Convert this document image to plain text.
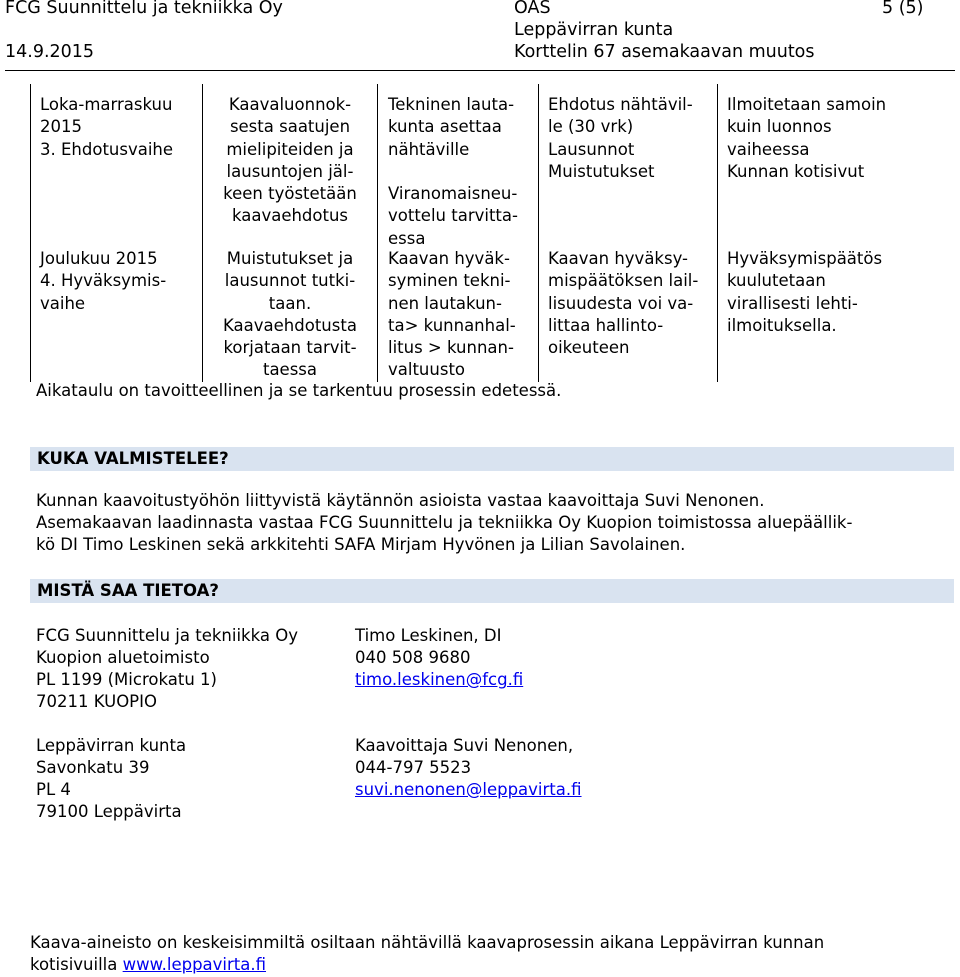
FCG Suunnittelu ja tekniikka Oy
14.9.2015
OAS
Leppävirran kunta
Korttelin 67 asemakaavan muutos
5 (5)
Loka-marraskuu
2015
3. Ehdotusvaihe
Kaavaluonnok-
sesta saatujen
mielipiteiden ja
lausuntojen jäl-
keen työstetään
kaavaehdotus
Tekninen lauta-
kunta asettaa
nähtäville

Viranomaisneu-
vottelu tarvitta-
essa
Ehdotus nähtävil-
le (30 vrk)
Lausunnot
Muistutukset
Ilmoitetaan samoin
kuin luonnos
vaiheessa
Kunnan kotisivut
Joulukuu 2015
4. Hyväksymis-
vaihe
Muistutukset ja
lausunnot tutki-
taan.
Kaavaehdotusta
korjataan tarvit-
taessa
Kaavan hyväk-
syminen tekni-
nen lautakun-
ta> kunnanhal-
litus > kunnan-
valtuusto
Kaavan hyväksy-
mispäätöksen lail-
lisuudesta voi va-
littaa hallinto-
oikeuteen
Hyväksymispäätös
kuulutetaan
virallisesti lehti-
ilmoituksella.
Aikataulu on tavoitteellinen ja se tarkentuu prosessin edetessä.
KUKA VALMISTELEE?
Kunnan kaavoitustyöhön liittyvistä käytännön asioista vastaa kaavoittaja Suvi Nenonen.
Asemakaavan laadinnasta vastaa FCG Suunnittelu ja tekniikka Oy Kuopion toimistossa aluepäällik-
kö DI Timo Leskinen sekä arkkitehti SAFA Mirjam Hyvönen ja Lilian Savolainen.
MISTÄ SAA TIETOA?
FCG Suunnittelu ja tekniikka Oy
Kuopion aluetoimisto
PL 1199 (Microkatu 1)
70211 KUOPIO
Timo Leskinen, DI
040 508 9680
timo.leskinen@fcg.fi
Leppävirran kunta
Savonkatu 39
PL 4
79100 Leppävirta
Kaavoittaja Suvi Nenonen,
044-797 5523
suvi.nenonen@leppavirta.fi
Kaava-aineisto on keskeisimmiltä osiltaan nähtävillä kaavaprosessin aikana Leppävirran kunnan
kotisivuilla www.leppavirta.fi
